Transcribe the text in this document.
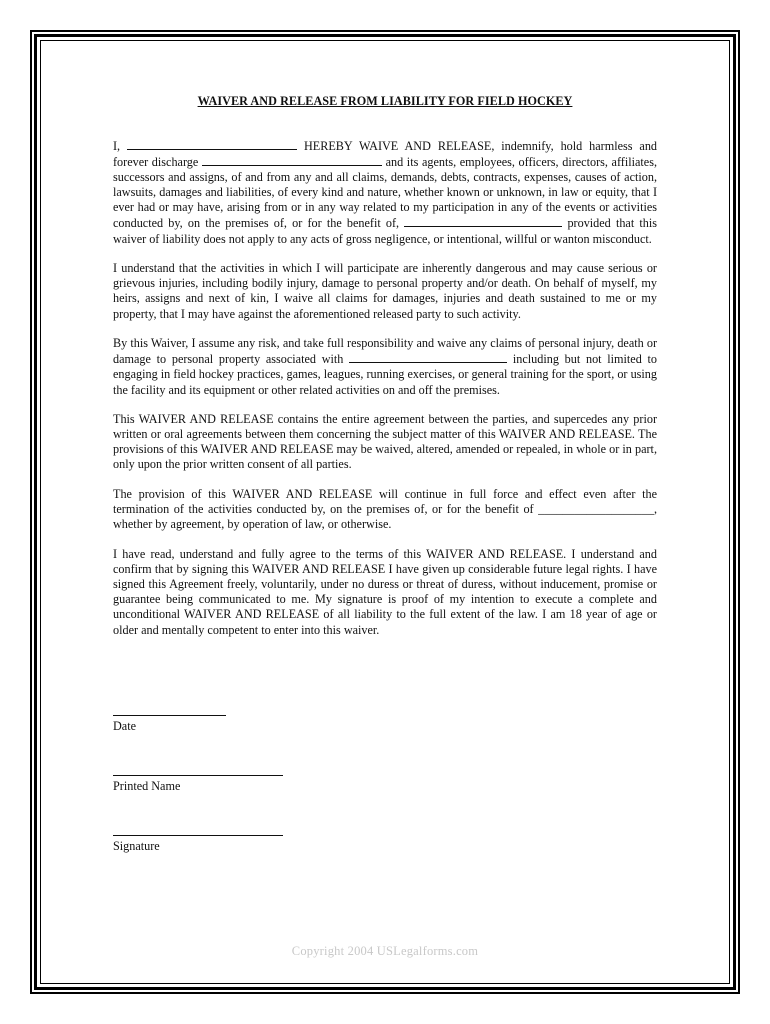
WAIVER AND RELEASE FROM LIABILITY FOR FIELD HOCKEY

I,	HEREBY WAIVE AND RELEASE, indemnify, hold harmless and forever discharge	and its agents, employees, officers, directors, affiliates, successors and assigns, of and from any and all claims, demands, debts, contracts, expenses, causes of action, lawsuits, damages and liabilities, of every kind and nature, whether known or unknown, in law or equity, that I ever had or may have, arising from or in any way related to my participation in any of the events or activities conducted by, on the premises of, or for the benefit of,	provided that this waiver of liability does not apply to any acts of gross negligence, or intentional, willful or wanton misconduct.

I understand that the activities in which I will participate are inherently dangerous and may cause serious or grievous injuries, including bodily injury, damage to personal property and/or death. On behalf of myself, my heirs, assigns and next of kin, I waive all claims for damages, injuries and death sustained to me or my property, that I may have against the aforementioned released party to such activity.

By this Waiver, I assume any risk, and take full responsibility and waive any claims of personal injury, death or damage to personal property associated with	including but not limited to engaging in field hockey practices, games, leagues, running exercises, or general training for the sport, or using the facility and its equipment or other related activities on and off the premises.

This WAIVER AND RELEASE contains the entire agreement between the parties, and supercedes any prior written or oral agreements between them concerning the subject matter of this WAIVER AND RELEASE. The provisions of this WAIVER AND RELEASE may be waived, altered, amended or repealed, in whole or in part, only upon the prior written consent of all parties.

The provision of this WAIVER AND RELEASE will continue in full force and effect even after the termination of the activities conducted by, on the premises of, or for the benefit of ___________________, whether by agreement, by operation of law, or otherwise.

I have read, understand and fully agree to the terms of this WAIVER AND RELEASE. I understand and confirm that by signing this WAIVER AND RELEASE I have given up considerable future legal rights. I have signed this Agreement freely, voluntarily, under no duress or threat of duress, without inducement, promise or guarantee being communicated to me. My signature is proof of my intention to execute a complete and unconditional WAIVER AND RELEASE of all liability to the full extent of the law. I am 18 year of age or older and mentally competent to enter into this waiver.

Date
Printed Name
Signature
Copyright 2004 USLegalforms.com
